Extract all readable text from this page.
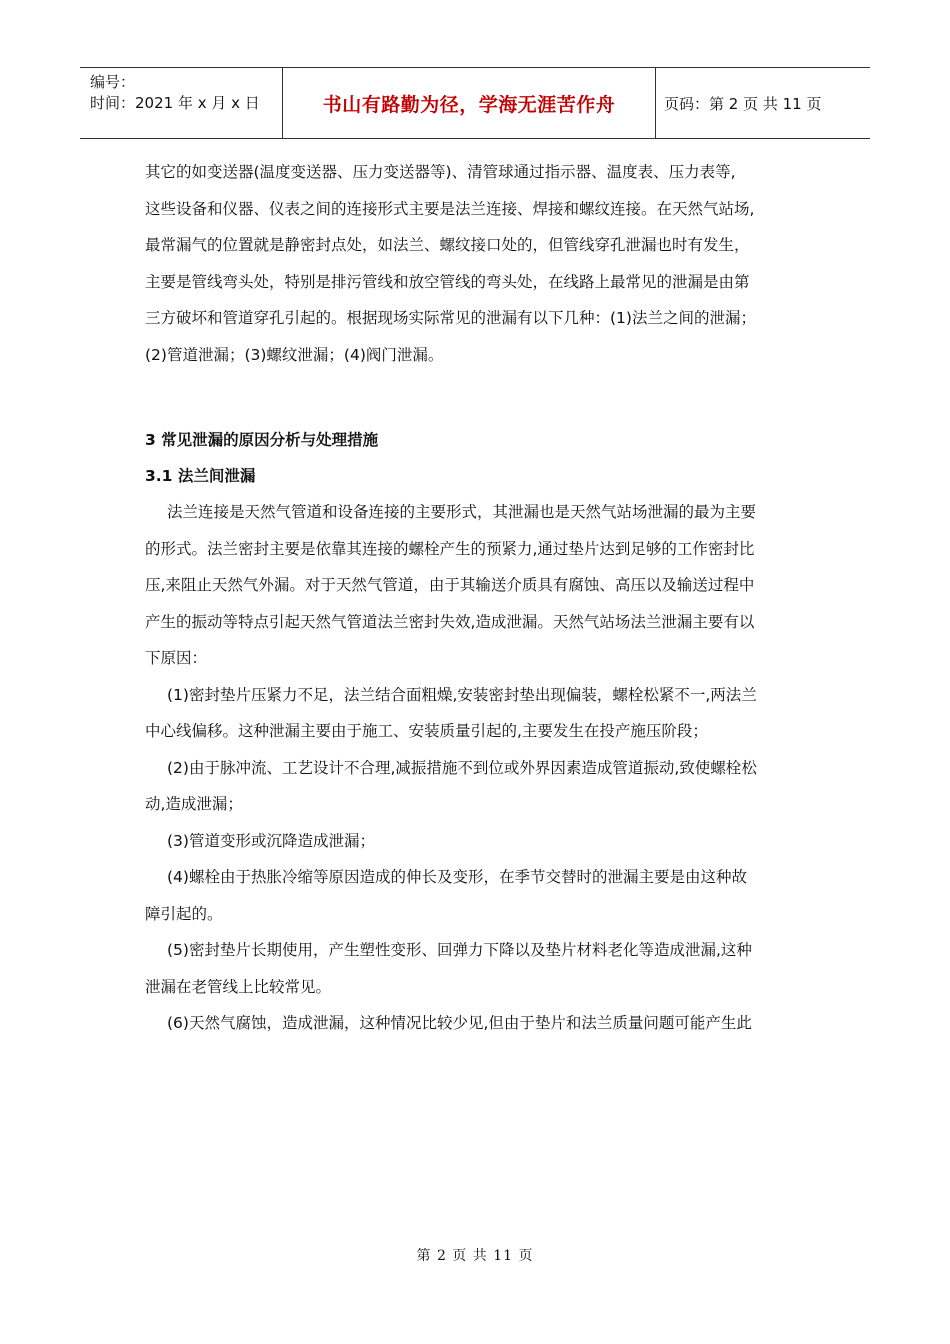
编号：
时间：2021 年 x 月 x 日	书山有路勤为径，学海无涯苦作舟	页码：第 2 页 共 11 页

其它的如变送器(温度变送器、压力变送器等)、清管球通过指示器、温度表、压力表等,

这些设备和仪器、仪表之间的连接形式主要是法兰连接、焊接和螺纹连接。在天然气站场,

最常漏气的位置就是静密封点处，如法兰、螺纹接口处的，但管线穿孔泄漏也时有发生，

主要是管线弯头处，特别是排污管线和放空管线的弯头处，在线路上最常见的泄漏是由第

三方破坏和管道穿孔引起的。根据现场实际常见的泄漏有以下几种：(1)法兰之间的泄漏；

(2)管道泄漏；(3)螺纹泄漏；(4)阀门泄漏。

3 常见泄漏的原因分析与处理措施

3.1 法兰间泄漏

法兰连接是天然气管道和设备连接的主要形式，其泄漏也是天然气站场泄漏的最为主要

的形式。法兰密封主要是依靠其连接的螺栓产生的预紧力,通过垫片达到足够的工作密封比

压,来阻止天然气外漏。对于天然气管道，由于其输送介质具有腐蚀、高压以及输送过程中

产生的振动等特点引起天然气管道法兰密封失效,造成泄漏。天然气站场法兰泄漏主要有以

下原因：

(1)密封垫片压紧力不足，法兰结合面粗燥,安装密封垫出现偏装，螺栓松紧不一,两法兰

中心线偏移。这种泄漏主要由于施工、安装质量引起的,主要发生在投产施压阶段；

(2)由于脉冲流、工艺设计不合理,减振措施不到位或外界因素造成管道振动,致使螺栓松

动,造成泄漏；

(3)管道变形或沉降造成泄漏；

(4)螺栓由于热胀冷缩等原因造成的伸长及变形，在季节交替时的泄漏主要是由这种故

障引起的。

(5)密封垫片长期使用，产生塑性变形、回弹力下降以及垫片材料老化等造成泄漏,这种

泄漏在老管线上比较常见。

(6)天然气腐蚀，造成泄漏，这种情况比较少见,但由于垫片和法兰质量问题可能产生此

第 2 页 共 11 页
